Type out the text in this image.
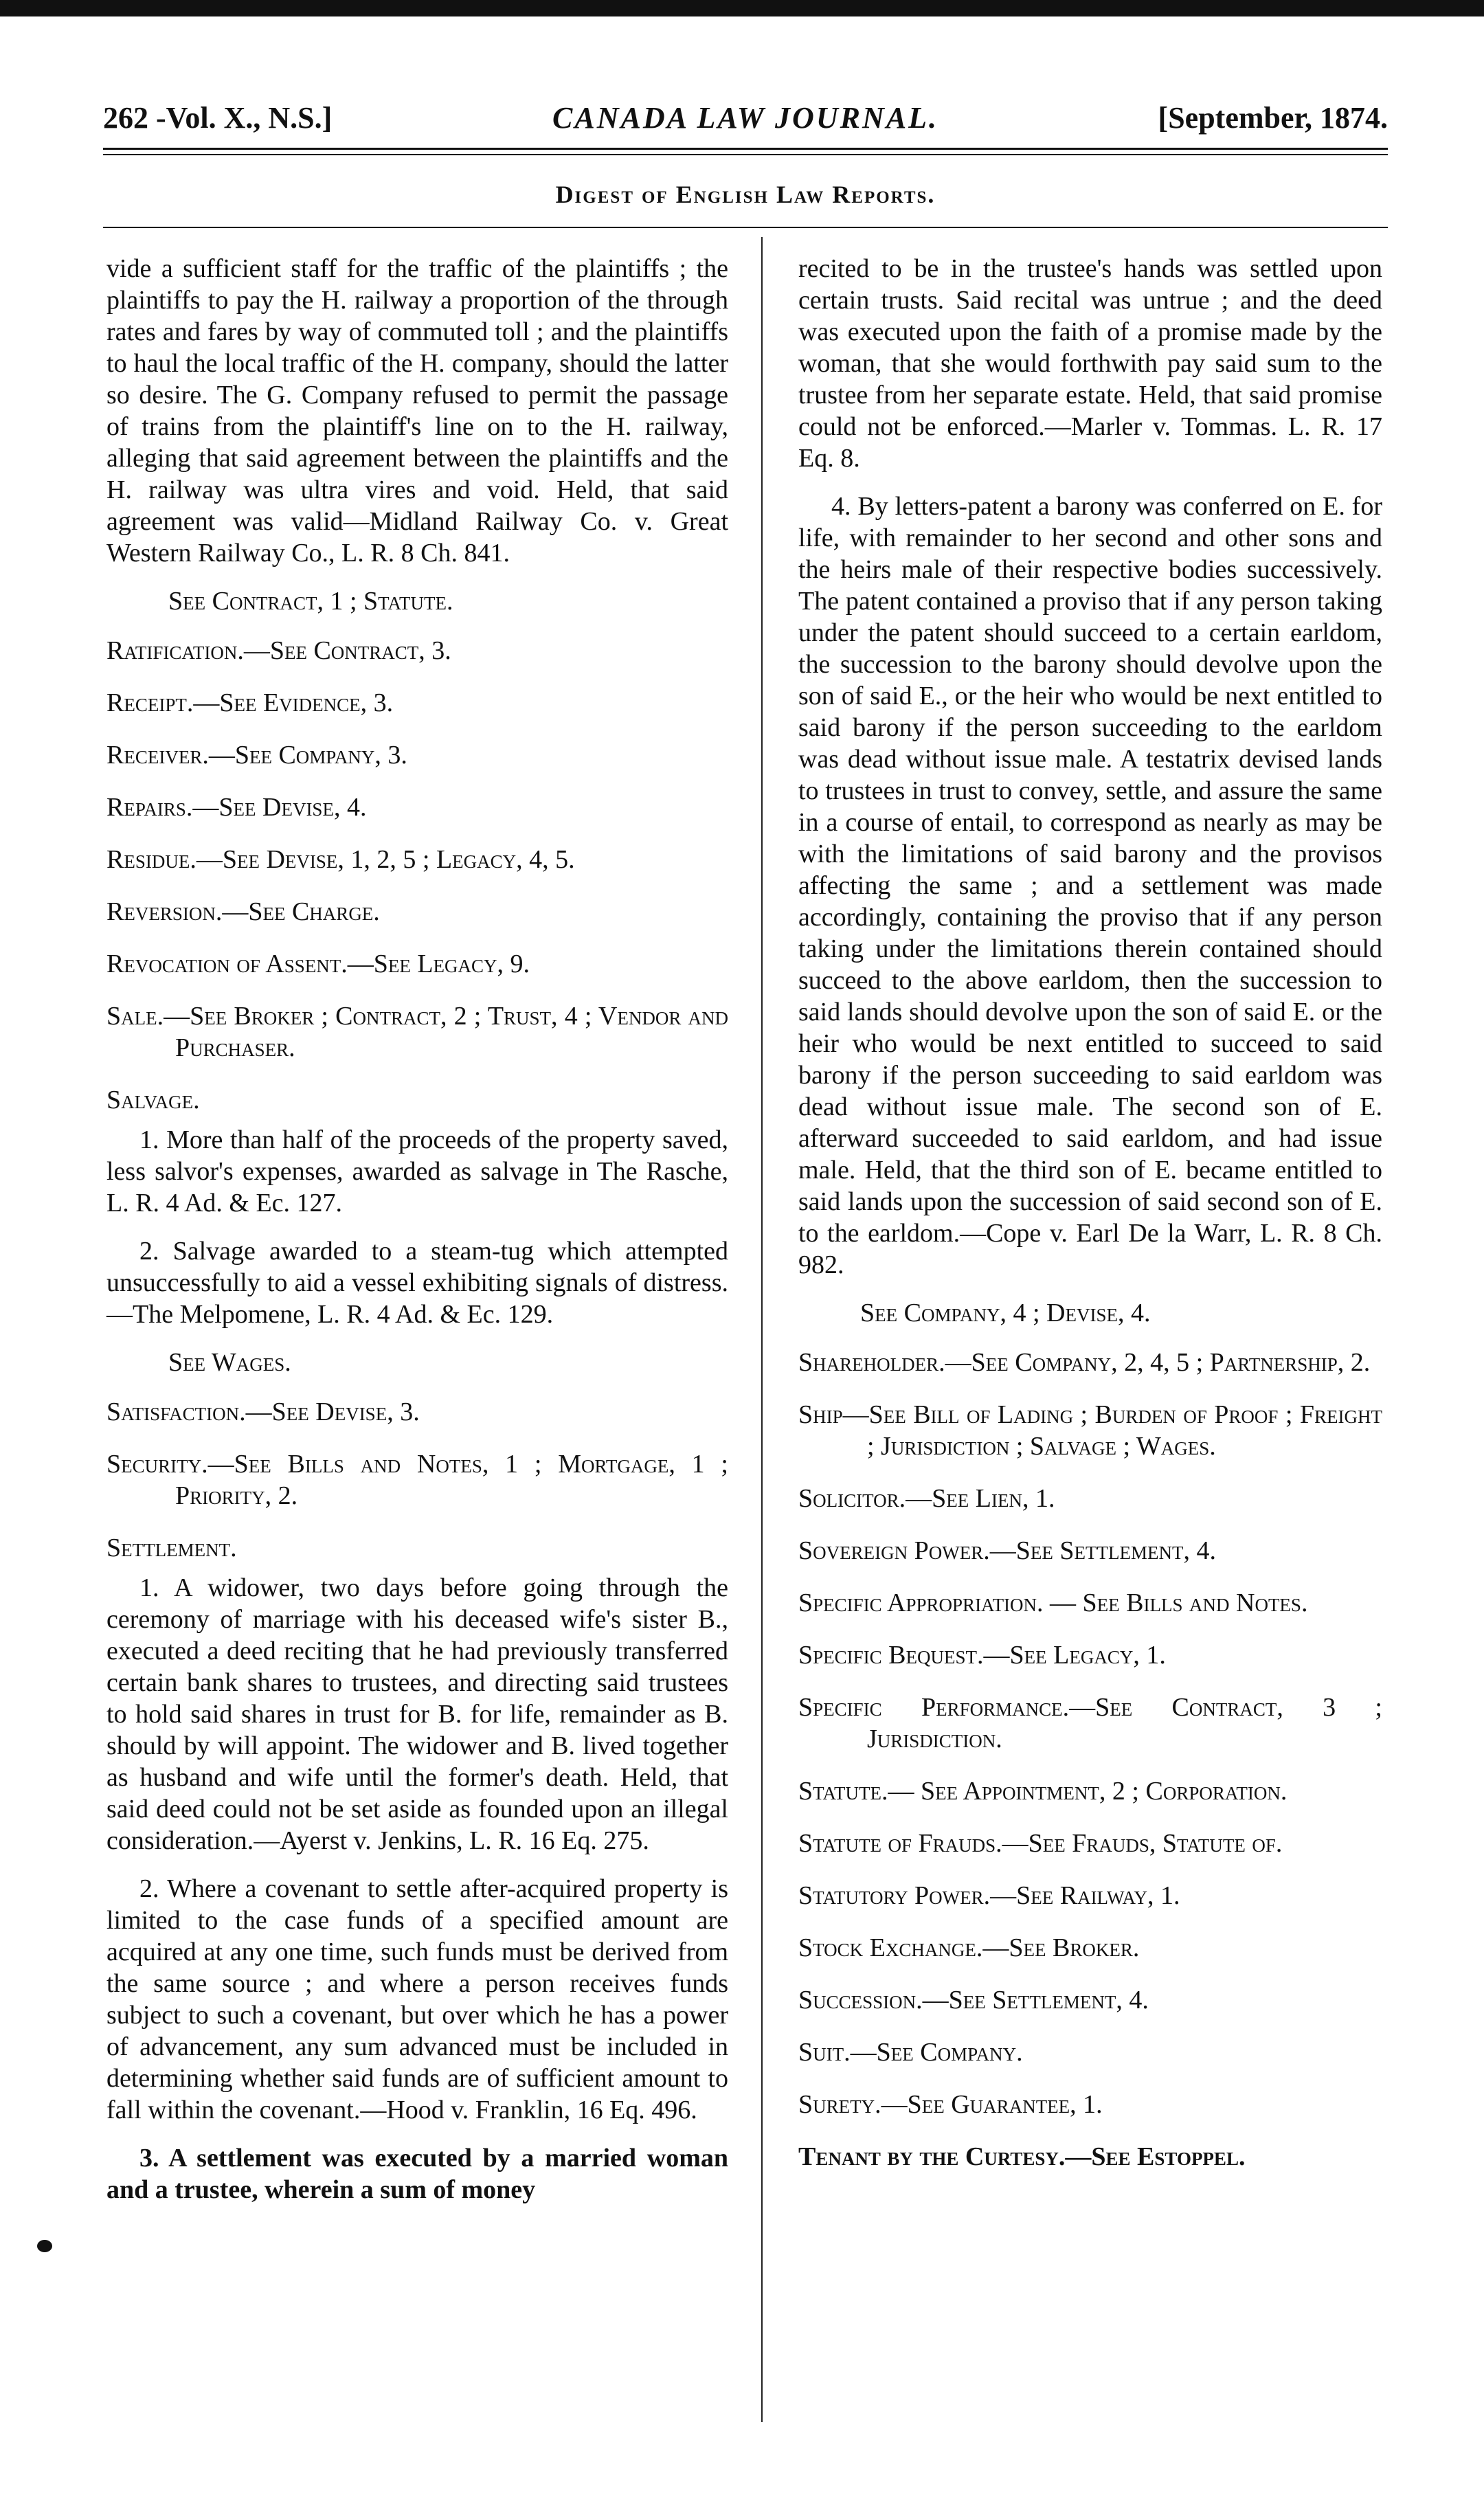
262 -Vol. X., N.S.]	CANADA LAW JOURNAL.	[September, 1874.
Digest of English Law Reports.

vide a sufficient staff for the traffic of the plaintiffs ; the plaintiffs to pay the H. railway a proportion of the through rates and fares by way of commuted toll ; and the plaintiffs to haul the local traffic of the H. company, should the latter so desire. The G. Company refused to permit the passage of trains from the plaintiff's line on to the H. railway, alleging that said agreement between the plaintiffs and the H. railway was ultra vires and void. Held, that said agreement was valid—Midland Railway Co. v. Great Western Railway Co., L. R. 8 Ch. 841.

See Contract, 1 ; Statute.

Ratification.—See Contract, 3.

Receipt.—See Evidence, 3.

Receiver.—See Company, 3.

Repairs.—See Devise, 4.

Residue.—See Devise, 1, 2, 5 ; Legacy, 4, 5.

Reversion.—See Charge.

Revocation of Assent.—See Legacy, 9.

Sale.—See Broker ; Contract, 2 ; Trust, 4 ; Vendor and Purchaser.

Salvage.

1. More than half of the proceeds of the property saved, less salvor's expenses, awarded as salvage in The Rasche, L. R. 4 Ad. & Ec. 127.

2. Salvage awarded to a steam-tug which attempted unsuccessfully to aid a vessel exhibiting signals of distress.—The Melpomene, L. R. 4 Ad. & Ec. 129.

See Wages.

Satisfaction.—See Devise, 3.

Security.—See Bills and Notes, 1 ; Mortgage, 1 ; Priority, 2.

Settlement.

1. A widower, two days before going through the ceremony of marriage with his deceased wife's sister B., executed a deed reciting that he had previously transferred certain bank shares to trustees, and directing said trustees to hold said shares in trust for B. for life, remainder as B. should by will appoint. The widower and B. lived together as husband and wife until the former's death. Held, that said deed could not be set aside as founded upon an illegal consideration.—Ayerst v. Jenkins, L. R. 16 Eq. 275.

2. Where a covenant to settle after-acquired property is limited to the case funds of a specified amount are acquired at any one time, such funds must be derived from the same source ; and where a person receives funds subject to such a covenant, but over which he has a power of advancement, any sum advanced must be included in determining whether said funds are of sufficient amount to fall within the covenant.—Hood v. Franklin, 16 Eq. 496.

3. A settlement was executed by a married woman and a trustee, wherein a sum of money

recited to be in the trustee's hands was settled upon certain trusts. Said recital was untrue ; and the deed was executed upon the faith of a promise made by the woman, that she would forthwith pay said sum to the trustee from her separate estate. Held, that said promise could not be enforced.—Marler v. Tommas. L. R. 17 Eq. 8.

4. By letters-patent a barony was conferred on E. for life, with remainder to her second and other sons and the heirs male of their respective bodies successively. The patent contained a proviso that if any person taking under the patent should succeed to a certain earldom, the succession to the barony should devolve upon the son of said E., or the heir who would be next entitled to said barony if the person succeeding to the earldom was dead without issue male. A testatrix devised lands to trustees in trust to convey, settle, and assure the same in a course of entail, to correspond as nearly as may be with the limitations of said barony and the provisos affecting the same ; and a settlement was made accordingly, containing the proviso that if any person taking under the limitations therein contained should succeed to the above earldom, then the succession to said lands should devolve upon the son of said E. or the heir who would be next entitled to succeed to said barony if the person succeeding to said earldom was dead without issue male. The second son of E. afterward succeeded to said earldom, and had issue male. Held, that the third son of E. became entitled to said lands upon the succession of said second son of E. to the earldom.—Cope v. Earl De la Warr, L. R. 8 Ch. 982.

See Company, 4 ; Devise, 4.

Shareholder.—See Company, 2, 4, 5 ; Partnership, 2.

Ship—See Bill of Lading ; Burden of Proof ; Freight ; Jurisdiction ; Salvage ; Wages.

Solicitor.—See Lien, 1.

Sovereign Power.—See Settlement, 4.

Specific Appropriation. — See Bills and Notes.

Specific Bequest.—See Legacy, 1.

Specific Performance.—See Contract, 3 ; Jurisdiction.

Statute.— See Appointment, 2 ; Corporation.

Statute of Frauds.—See Frauds, Statute of.

Statutory Power.—See Railway, 1.

Stock Exchange.—See Broker.

Succession.—See Settlement, 4.

Suit.—See Company.

Surety.—See Guarantee, 1.

Tenant by the Curtesy.—See Estoppel.
